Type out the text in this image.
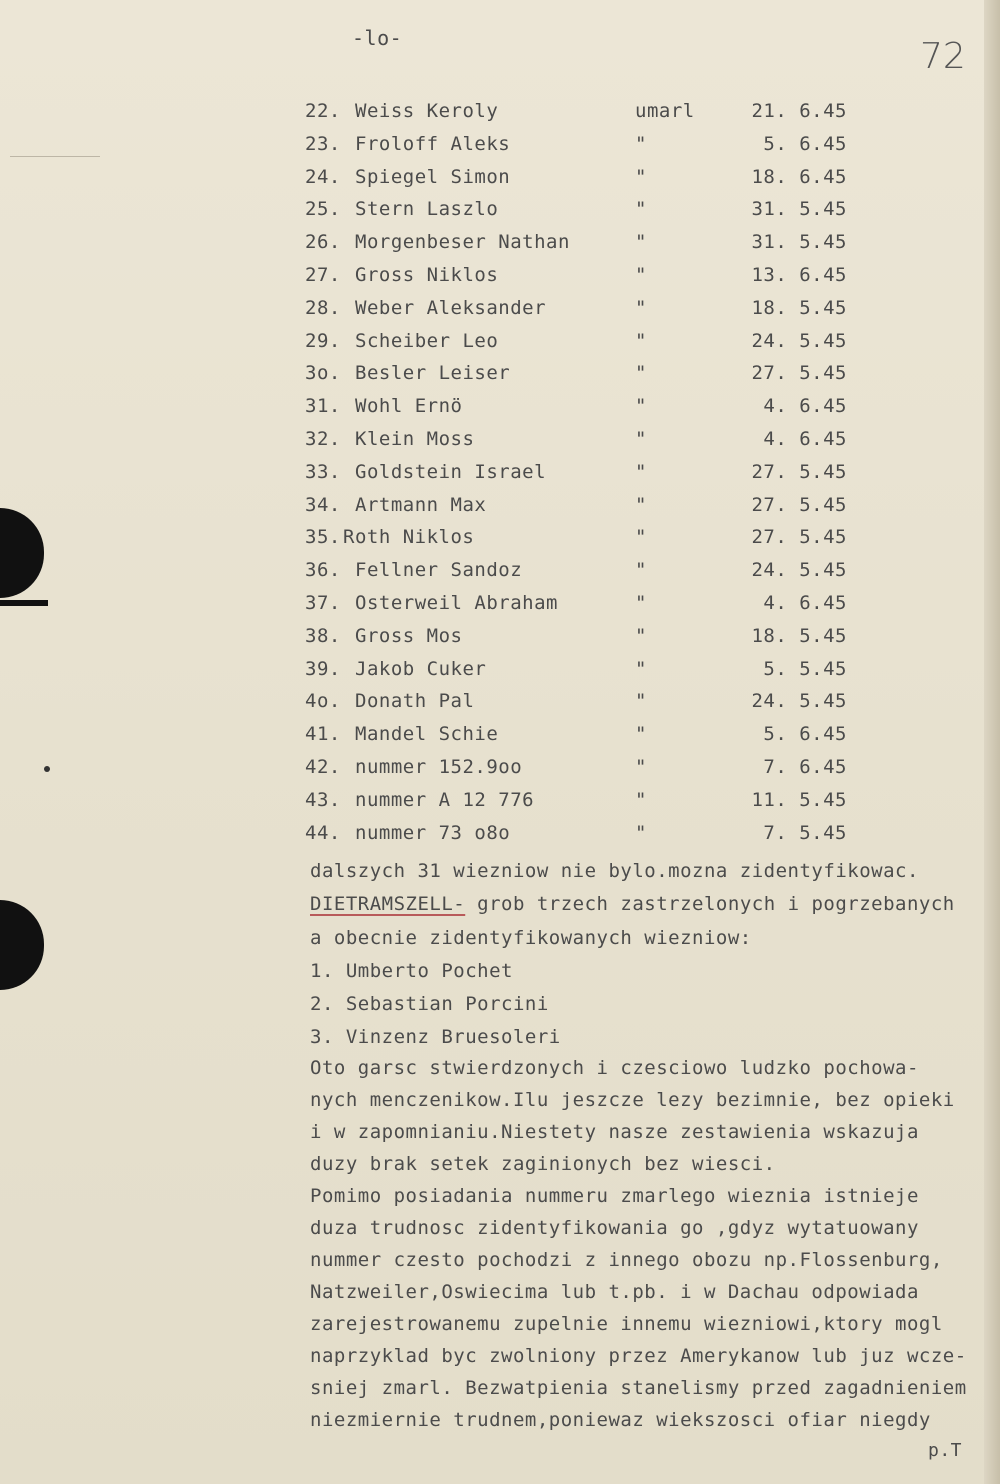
-lo-	72
22. Weiss Keroly	umarl	21. 6.45
23. Froloff Aleks	"	5. 6.45
24. Spiegel Simon	"	18. 6.45
25. Stern Laszlo	"	31. 5.45
26. Morgenbeser Nathan	"	31. 5.45
27. Gross Niklos	"	13. 6.45
28. Weber Aleksander	"	18. 5.45
29. Scheiber Leo	"	24. 5.45
3o. Besler Leiser	"	27. 5.45
31. Wohl Ernö	"	4. 6.45
32. Klein Moss	"	4. 6.45
33. Goldstein Israel	"	27. 5.45
34. Artmann Max	"	27. 5.45
35. Roth Niklos	"	27. 5.45
36. Fellner Sandoz	"	24. 5.45
37. Osterweil Abraham	"	4. 6.45
38. Gross Mos	"	18. 5.45
39. Jakob Cuker	"	5. 5.45
4o. Donath Pal	"	24. 5.45
41. Mandel Schie	"	5. 6.45
42. nummer 152.9oo	"	7. 6.45
43. nummer A 12 776	"	11. 5.45
44. nummer 73 o8o	"	7. 5.45
dalszych 31 wiezniow nie bylo.mozna zidentyfikowac.
DIETRAMSZELL- grob trzech zastrzelonych i pogrzebanych
a obecnie zidentyfikowanych wiezniow:
1. Umberto Pochet
2. Sebastian Porcini
3. Vinzenz Bruesoleri
Oto garsc stwierdzonych i czesciowo ludzko pochowa-
nych menczenikow.Ilu jeszcze lezy bezimnie, bez opieki
i w zapomnianiu.Niestety nasze zestawienia wskazuja
duzy brak setek zaginionych bez wiesci.
Pomimo posiadania nummeru zmarlego wieznia istnieje
duza trudnosc zidentyfikowania go ,gdyz wytatuowany
nummer czesto pochodzi z innego obozu np.Flossenburg,
Natzweiler,Oswiecima lub t.pb. i w Dachau odpowiada
zarejestrowanemu zupelnie innemu wiezniowi,ktory mogl
naprzyklad byc zwolniony przez Amerykanow lub juz wcze-
sniej zmarl. Bezwatpienia stanelismy przed zagadnieniem
niezmiernie trudnem,poniewaz wiekszosci ofiar niegdy
p.T
